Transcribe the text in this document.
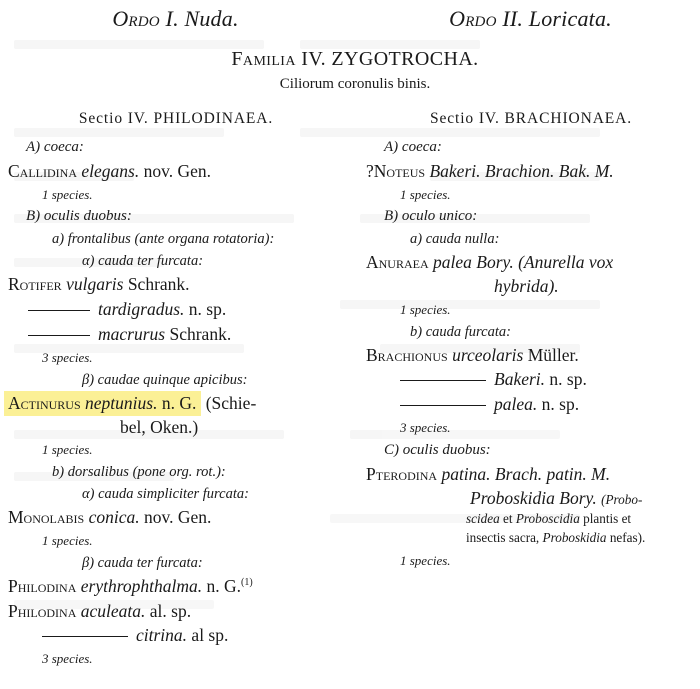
Ordo I. Nuda.	Ordo II. Loricata.
Familia IV. ZYGOTROCHA.
Ciliorum coronulis binis.
Sectio IV. PHILODINAEA.
A) coeca:
Callidina elegans. nov. Gen.
1 species.
B) oculis duobus:
a) frontalibus (ante organa rotatoria):
α) cauda ter furcata:
Rotifer vulgaris Schrank.
tardigradus. n. sp.
macrurus Schrank.
3 species.
β) caudae quinque apicibus:
Actinurus neptunius. n. G. (Schie-
bel, Oken.)
1 species.
b) dorsalibus (pone org. rot.):
α) cauda simpliciter furcata:
Monolabis conica. nov. Gen.
1 species.
β) cauda ter furcata:
Philodina erythrophthalma. n. G.$^{(1)}$
Philodina aculeata. al. sp.
citrina. al sp.
3 species.
Sectio IV. BRACHIONAEA.
A) coeca:
?Noteus Bakeri. Brachion. Bak. M.
1 species.
B) oculo unico:
a) cauda nulla:
Anuraea palea Bory. (Anurella vox
hybrida).
1 species.
b) cauda furcata:
Brachionus urceolaris Müller.
Bakeri. n. sp.
palea. n. sp.
3 species.
C) oculis duobus:
Pterodina patina. Brach. patin. M.
Proboskidia Bory. (Probo-
scidea et Proboscidia plantis et
insectis sacra, Proboskidia nefas).
1 species.
